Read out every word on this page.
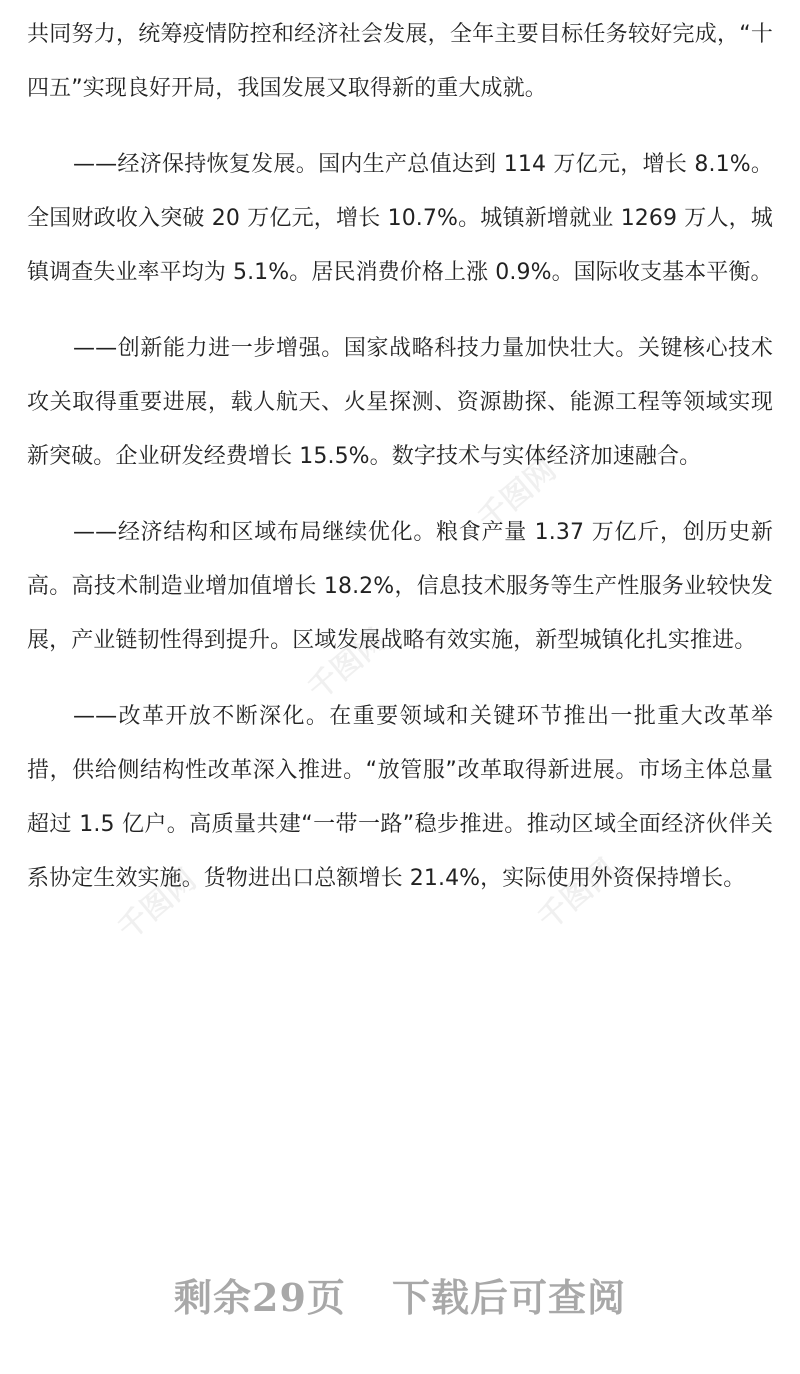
千图网
千图网
千图网	千图网

共同努力，统筹疫情防控和经济社会发展，全年主要目标任务较好完成，“十四五”实现良好开局，我国发展又取得新的重大成就。

——经济保持恢复发展。国内生产总值达到 114 万亿元，增长 8.1%。全国财政收入突破 20 万亿元，增长 10.7%。城镇新增就业 1269 万人，城镇调查失业率平均为 5.1%。居民消费价格上涨 0.9%。国际收支基本平衡。

——创新能力进一步增强。国家战略科技力量加快壮大。关键核心技术攻关取得重要进展，载人航天、火星探测、资源勘探、能源工程等领域实现新突破。企业研发经费增长 15.5%。数字技术与实体经济加速融合。

——经济结构和区域布局继续优化。粮食产量 1.37 万亿斤，创历史新高。高技术制造业增加值增长 18.2%，信息技术服务等生产性服务业较快发展，产业链韧性得到提升。区域发展战略有效实施，新型城镇化扎实推进。

——改革开放不断深化。在重要领域和关键环节推出一批重大改革举措，供给侧结构性改革深入推进。“放管服”改革取得新进展。市场主体总量超过 1.5 亿户。高质量共建“一带一路”稳步推进。推动区域全面经济伙伴关系协定生效实施。货物进出口总额增长 21.4%，实际使用外资保持增长。

剩余29页 下载后可查阅
